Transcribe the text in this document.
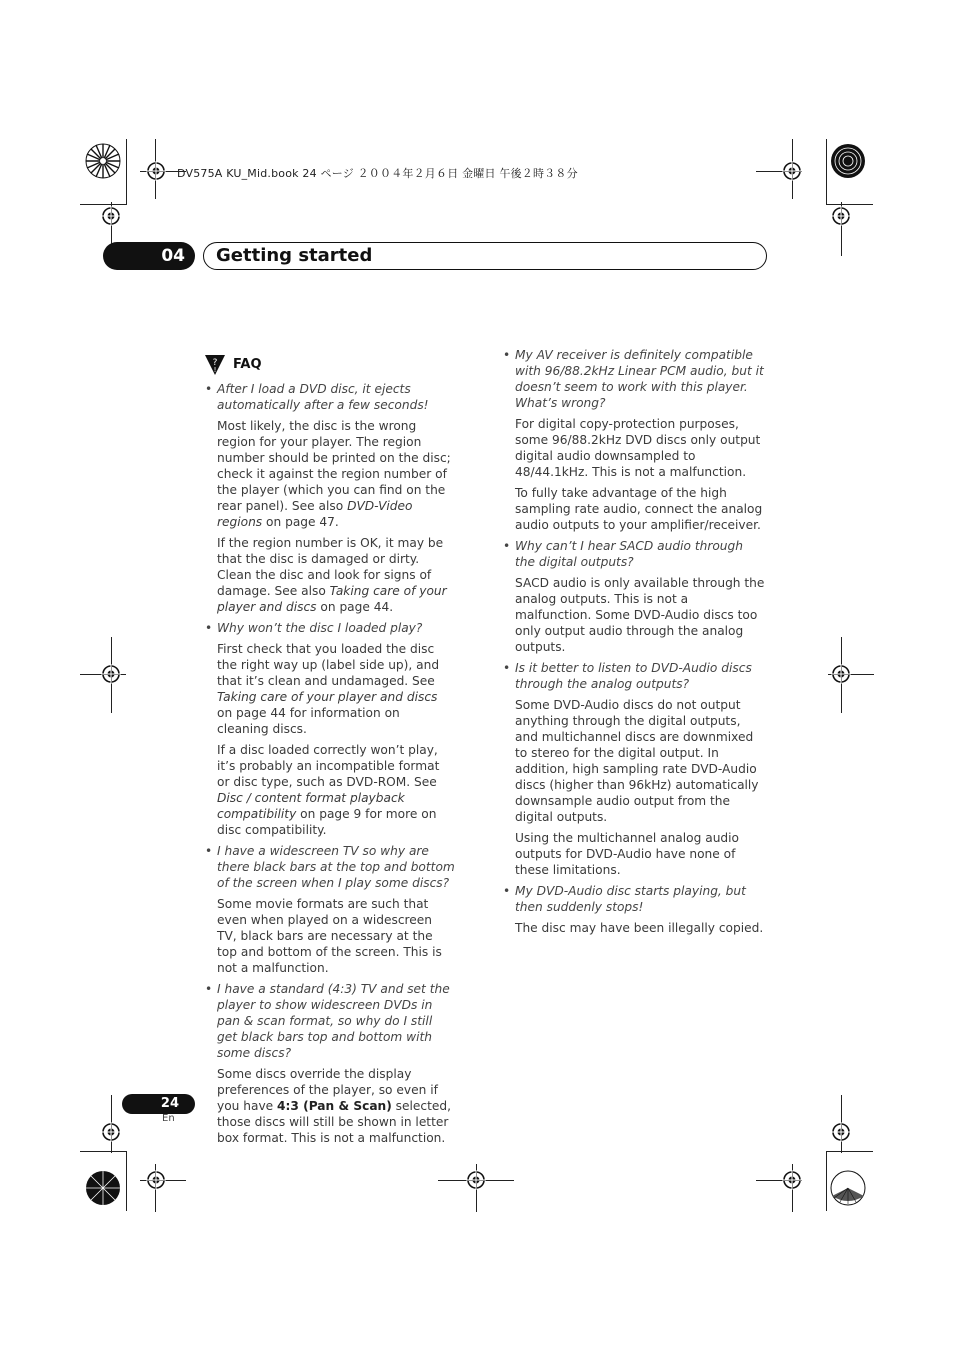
DV575A KU_Mid.book 24 ページ ２００４年２月６日 金曜日 午後２時３８分
04	Getting started
?
! FAQ
• After I load a DVD disc, it ejects automatically after a few seconds!
Most likely, the disc is the wrong region for your player. The region number should be printed on the disc; check it against the region number of the player (which you can find on the rear panel). See also DVD-Video regions on page 47.
If the region number is OK, it may be that the disc is damaged or dirty. Clean the disc and look for signs of damage. See also Taking care of your player and discs on page 44.
• Why won’t the disc I loaded play?
First check that you loaded the disc the right way up (label side up), and that it’s clean and undamaged. See Taking care of your player and discs on page 44 for information on cleaning discs.
If a disc loaded correctly won’t play, it’s probably an incompatible format or disc type, such as DVD-ROM. See Disc / content format playback compatibility on page 9 for more on disc compatibility.
• I have a widescreen TV so why are there black bars at the top and bottom of the screen when I play some discs?
Some movie formats are such that even when played on a widescreen TV, black bars are necessary at the top and bottom of the screen. This is not a malfunction.
• I have a standard (4:3) TV and set the player to show widescreen DVDs in pan & scan format, so why do I still get black bars top and bottom with some discs?
Some discs override the display preferences of the player, so even if you have 4:3 (Pan & Scan) selected, those discs will still be shown in letter box format. This is not a malfunction.
• My AV receiver is definitely compatible with 96/88.2kHz Linear PCM audio, but it doesn’t seem to work with this player. What’s wrong?
For digital copy-protection purposes, some 96/88.2kHz DVD discs only output digital audio downsampled to 48/44.1kHz. This is not a malfunction.
To fully take advantage of the high sampling rate audio, connect the analog audio outputs to your amplifier/receiver.
• Why can’t I hear SACD audio through the digital outputs?
SACD audio is only available through the analog outputs. This is not a malfunction. Some DVD-Audio discs too only output audio through the analog outputs.
• Is it better to listen to DVD-Audio discs through the analog outputs?
Some DVD-Audio discs do not output anything through the digital outputs, and multichannel discs are downmixed to stereo for the digital output. In addition, high sampling rate DVD-Audio discs (higher than 96kHz) automatically downsample audio output from the digital outputs.
Using the multichannel analog audio outputs for DVD-Audio have none of these limitations.
• My DVD-Audio disc starts playing, but then suddenly stops!
The disc may have been illegally copied.
24
En
